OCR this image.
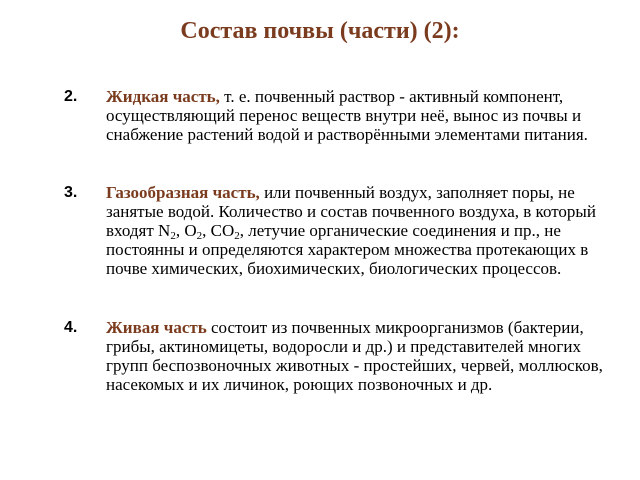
Состав почвы (части) (2):
2. Жидкая часть, т. е. почвенный раствор - активный компонент, осуществляющий перенос веществ внутри неё, вынос из почвы и снабжение растений водой и растворёнными элементами питания.
3. Газообразная часть, или почвенный воздух, заполняет поры, не занятые водой. Количество и состав почвенного воздуха, в который входят $N_2$, $O_2$, $CO_2$, летучие органические соединения и пр., не постоянны и определяются характером множества протекающих в почве химических, биохимических, биологических процессов.
4. Живая часть состоит из почвенных микроорганизмов (бактерии, грибы, актиномицеты, водоросли и др.) и представителей многих групп беспозвоночных животных - простейших, червей, моллюсков, насекомых и их личинок, роющих позвоночных и др.
